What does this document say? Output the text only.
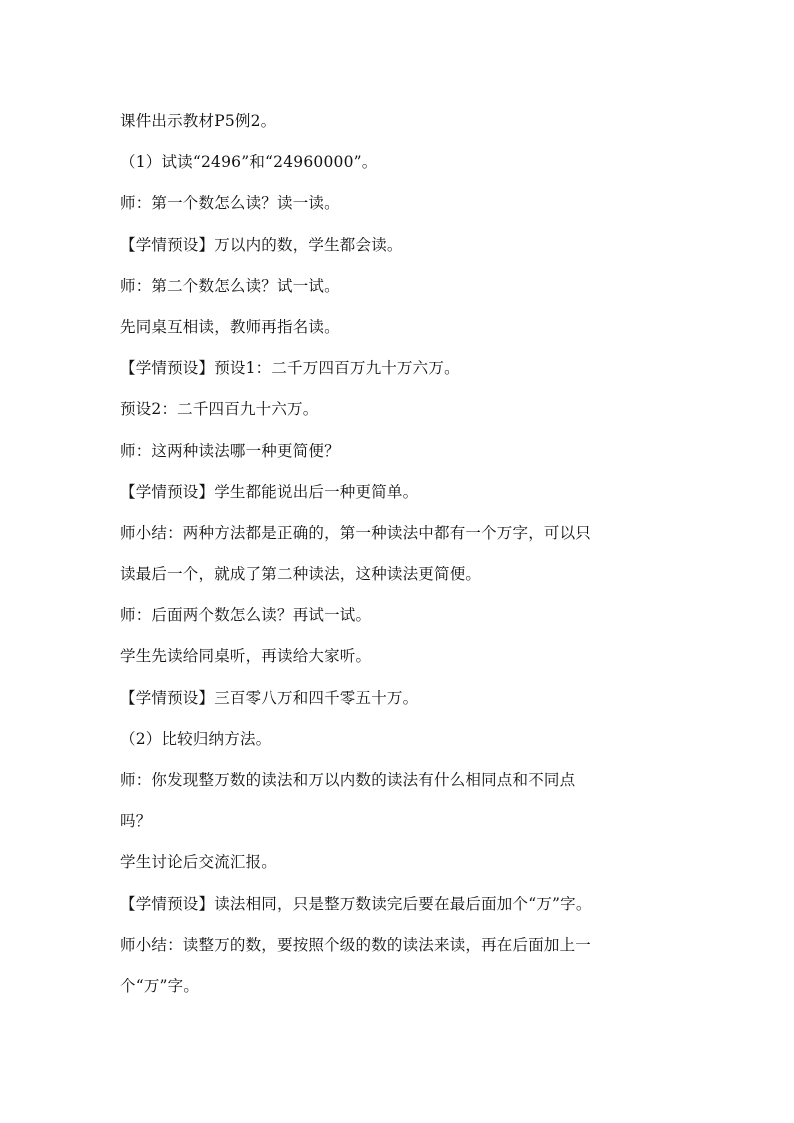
课件出示教材P5例2。
（1）试读“2496”和“24960000”。
师：第一个数怎么读？读一读。
【学情预设】万以内的数，学生都会读。
师：第二个数怎么读？试一试。
先同桌互相读，教师再指名读。
【学情预设】预设1：二千万四百万九十万六万。
预设2：二千四百九十六万。
师：这两种读法哪一种更简便？
【学情预设】学生都能说出后一种更简单。
师小结：两种方法都是正确的，第一种读法中都有一个万字，可以只
读最后一个，就成了第二种读法，这种读法更简便。
师：后面两个数怎么读？再试一试。
学生先读给同桌听，再读给大家听。
【学情预设】三百零八万和四千零五十万。
（2）比较归纳方法。
师：你发现整万数的读法和万以内数的读法有什么相同点和不同点
吗？
学生讨论后交流汇报。
【学情预设】读法相同，只是整万数读完后要在最后面加个“万”字。
师小结：读整万的数，要按照个级的数的读法来读，再在后面加上一
个“万”字。
